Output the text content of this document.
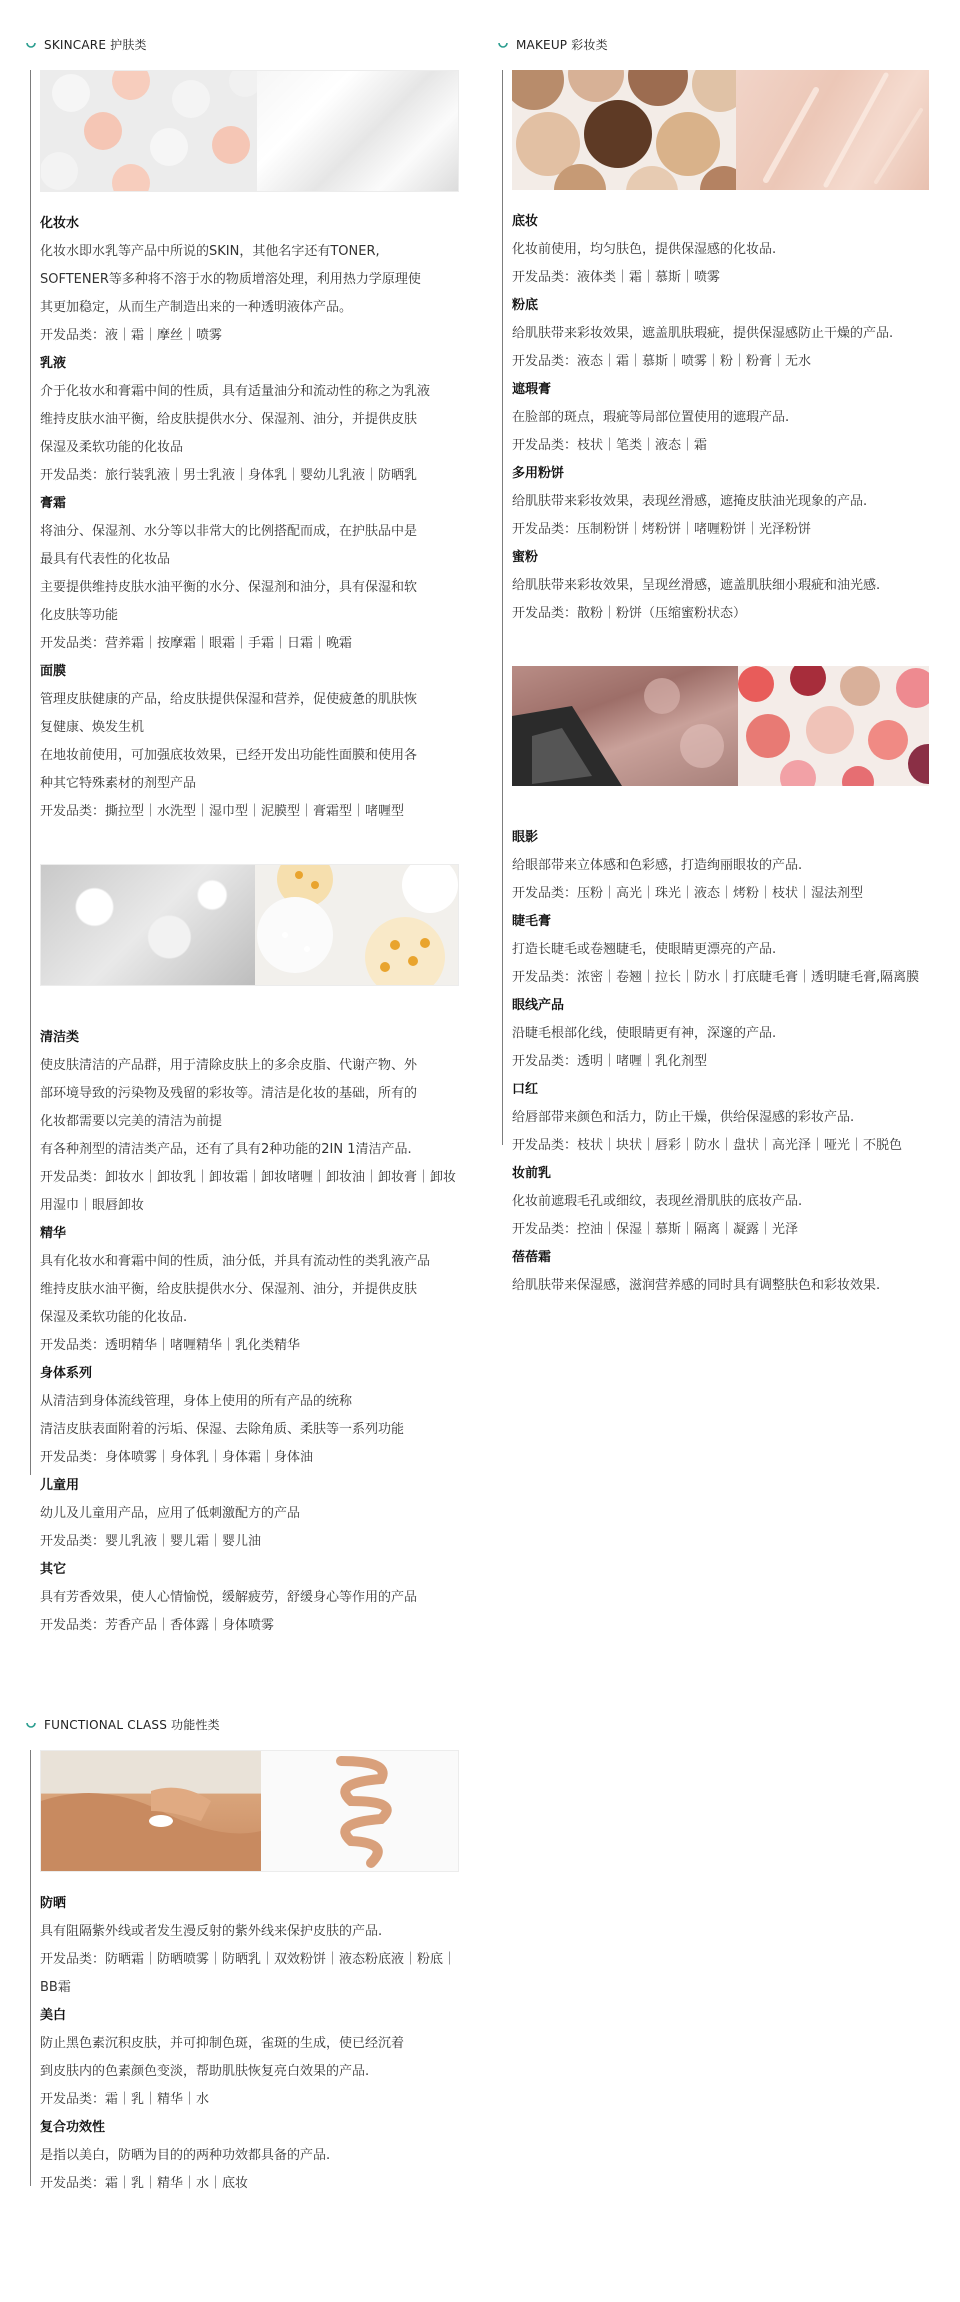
SKINCARE 护肤类
化妆水
化妆水即水乳等产品中所说的SKIN，其他名字还有TONER,
SOFTENER等多种将不溶于水的物质增溶处理，利用热力学原理使
其更加稳定，从而生产制造出来的一种透明液体产品。
开发品类：液｜霜｜摩丝｜喷雾
乳液
介于化妆水和膏霜中间的性质，具有适量油分和流动性的称之为乳液
维持皮肤水油平衡，给皮肤提供水分、保湿剂、油分，并提供皮肤
保湿及柔软功能的化妆品
开发品类：旅行装乳液｜男士乳液｜身体乳｜婴幼儿乳液｜防晒乳
膏霜
将油分、保湿剂、水分等以非常大的比例搭配而成，在护肤品中是
最具有代表性的化妆品
主要提供维持皮肤水油平衡的水分、保湿剂和油分，具有保湿和软
化皮肤等功能
开发品类：营养霜｜按摩霜｜眼霜｜手霜｜日霜｜晚霜
面膜
管理皮肤健康的产品，给皮肤提供保湿和营养，促使疲惫的肌肤恢
复健康、焕发生机
在地妆前使用，可加强底妆效果，已经开发出功能性面膜和使用各
种其它特殊素材的剂型产品
开发品类：撕拉型｜水洗型｜湿巾型｜泥膜型｜膏霜型｜啫喱型
清洁类
使皮肤清洁的产品群，用于清除皮肤上的多余皮脂、代谢产物、外
部环境导致的污染物及残留的彩妆等。清洁是化妆的基础，所有的
化妆都需要以完美的清洁为前提
有各种剂型的清洁类产品，还有了具有2种功能的2IN 1清洁产品.
开发品类：卸妆水｜卸妆乳｜卸妆霜｜卸妆啫喱｜卸妆油｜卸妆膏｜卸妆用湿巾｜眼唇卸妆
精华
具有化妆水和膏霜中间的性质，油分低，并具有流动性的类乳液产品
维持皮肤水油平衡，给皮肤提供水分、保湿剂、油分，并提供皮肤
保湿及柔软功能的化妆品.
开发品类：透明精华｜啫喱精华｜乳化类精华
身体系列
从清洁到身体流线管理，身体上使用的所有产品的统称
清洁皮肤表面附着的污垢、保湿、去除角质、柔肤等一系列功能
开发品类：身体喷雾｜身体乳｜身体霜｜身体油
儿童用
幼儿及儿童用产品，应用了低刺激配方的产品
开发品类：婴儿乳液｜婴儿霜｜婴儿油
其它
具有芳香效果，使人心情愉悦，缓解疲劳，舒缓身心等作用的产品
开发品类：芳香产品｜香体露｜身体喷雾
MAKEUP 彩妆类
底妆
化妆前使用，均匀肤色，提供保湿感的化妆品.
开发品类：液体类｜霜｜慕斯｜喷雾
粉底
给肌肤带来彩妆效果，遮盖肌肤瑕疵，提供保湿感防止干燥的产品.
开发品类：液态｜霜｜慕斯｜喷雾｜粉｜粉膏｜无水
遮瑕膏
在脸部的斑点，瑕疵等局部位置使用的遮瑕产品.
开发品类：枝状｜笔类｜液态｜霜
多用粉饼
给肌肤带来彩妆效果，表现丝滑感，遮掩皮肤油光现象的产品.
开发品类：压制粉饼｜烤粉饼｜啫喱粉饼｜光泽粉饼
蜜粉
给肌肤带来彩妆效果，呈现丝滑感，遮盖肌肤细小瑕疵和油光感.
开发品类：散粉｜粉饼（压缩蜜粉状态）
眼影
给眼部带来立体感和色彩感，打造绚丽眼妆的产品.
开发品类：压粉｜高光｜珠光｜液态｜烤粉｜枝状｜湿法剂型
睫毛膏
打造长睫毛或卷翘睫毛，使眼睛更漂亮的产品.
开发品类：浓密｜卷翘｜拉长｜防水｜打底睫毛膏｜透明睫毛膏,隔离膜
眼线产品
沿睫毛根部化线，使眼睛更有神，深邃的产品.
开发品类：透明｜啫喱｜乳化剂型
口红
给唇部带来颜色和活力，防止干燥，供给保湿感的彩妆产品.
开发品类：枝状｜块状｜唇彩｜防水｜盘状｜高光泽｜哑光｜不脱色
妆前乳
化妆前遮瑕毛孔或细纹，表现丝滑肌肤的底妆产品.
开发品类：控油｜保湿｜慕斯｜隔离｜凝露｜光泽
蓓蓓霜
给肌肤带来保湿感，滋润营养感的同时具有调整肤色和彩妆效果.
FUNCTIONAL CLASS 功能性类
防晒
具有阻隔紫外线或者发生漫反射的紫外线来保护皮肤的产品.
开发品类：防晒霜｜防晒喷雾｜防晒乳｜双效粉饼｜液态粉底液｜粉底｜BB霜
美白
防止黑色素沉积皮肤，并可抑制色斑，雀斑的生成，使已经沉着
到皮肤内的色素颜色变淡，帮助肌肤恢复亮白效果的产品.
开发品类：霜｜乳｜精华｜水
复合功效性
是指以美白，防晒为目的的两种功效都具备的产品.
开发品类：霜｜乳｜精华｜水｜底妆
